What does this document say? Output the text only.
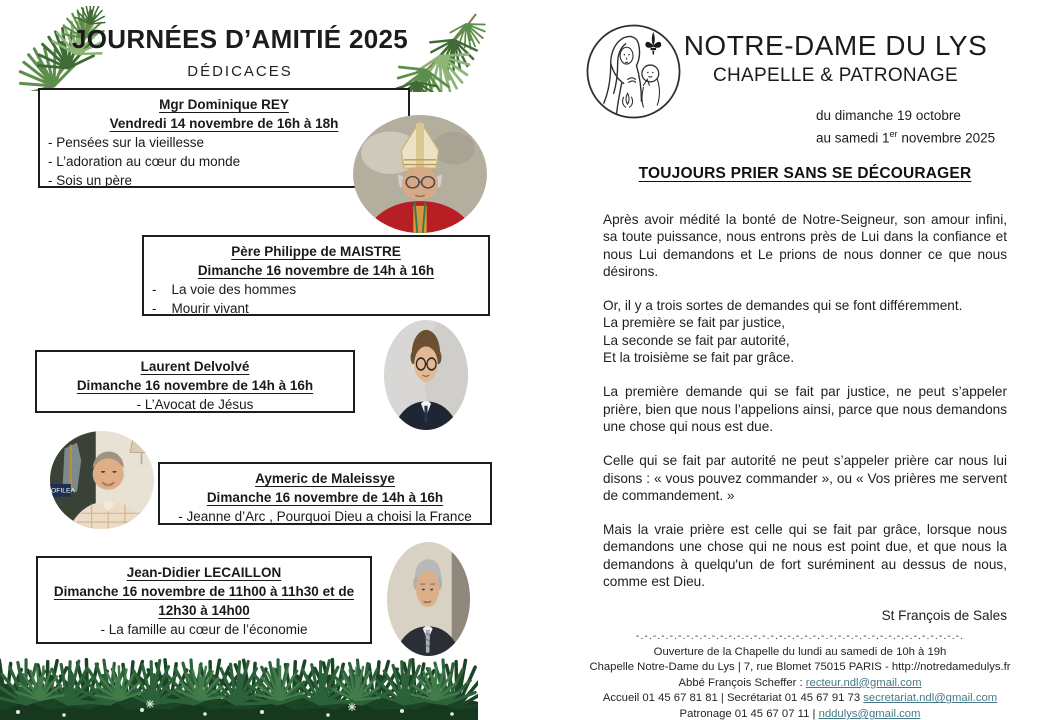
JOURNÉES D’AMITIÉ 2025
DÉDICACES
Mgr Dominique REY
Vendredi 14 novembre de 16h à 18h
- Pensées sur la vieillesse
- L’adoration au cœur du monde
- Sois un père
Père Philippe de MAISTRE
Dimanche 16 novembre de 14h à 16h
-    La voie des hommes
-    Mourir vivant
Laurent Delvolvé
Dimanche 16 novembre de 14h à 16h
- L’Avocat de Jésus
Aymeric de Maleissye
Dimanche 16 novembre de 14h à 16h
- Jeanne d’Arc , Pourquoi Dieu a choisi la France
Jean-Didier LECAILLON
Dimanche 16 novembre de 11h00 à 11h30 et de 12h30 à 14h00
- La famille au cœur de l’économie
OFILEA
NOTRE-DAME DU LYS
CHAPELLE & PATRONAGE
du dimanche 19 octobre
au samedi 1er novembre 2025
TOUJOURS PRIER SANS SE DÉCOURAGER

Après avoir médité la bonté de Notre-Seigneur, son amour infini, sa toute puissance, nous entrons près de Lui dans la confiance et nous Lui demandons et Le prions de nous donner ce que nous désirons.

Or, il y a trois sortes de demandes qui se font différemment.
La première se fait par justice,
La seconde se fait par autorité,
Et la troisième se fait par grâce.

La première demande qui se fait par justice, ne peut s’appeler prière, bien que nous l’appelions ainsi, parce que nous demandons une chose qui nous est due.

Celle qui se fait par autorité ne peut s’appeler prière car nous lui disons : « vous pouvez commander », ou « Vos prières me servent de commandement. »

Mais la vraie prière est celle qui se fait par grâce, lorsque nous demandons une chose qui ne nous est point due, et que nous la demandons à quelqu'un de fort suréminent au dessus de nous, comme est Dieu.

St François de Sales
-.-.-.-.-.-.-.-.-.-.-.-.-.-.-.-.-.-.-.-.-.-.-.-.-.-.-.-.-.-.-.-.-.-.-.-.-.-.-.
Ouverture de la Chapelle du lundi au samedi de 10h à 19h
Chapelle Notre-Dame du Lys | 7, rue Blomet 75015 PARIS - http://notredamedulys.fr
Abbé François Scheffer : recteur.ndl@gmail.com
Accueil 01 45 67 81 81 | Secrétariat 01 45 67 91 73 secretariat.ndl@gmail.com
Patronage 01 45 67 07 11 | nddulys@gmail.com
